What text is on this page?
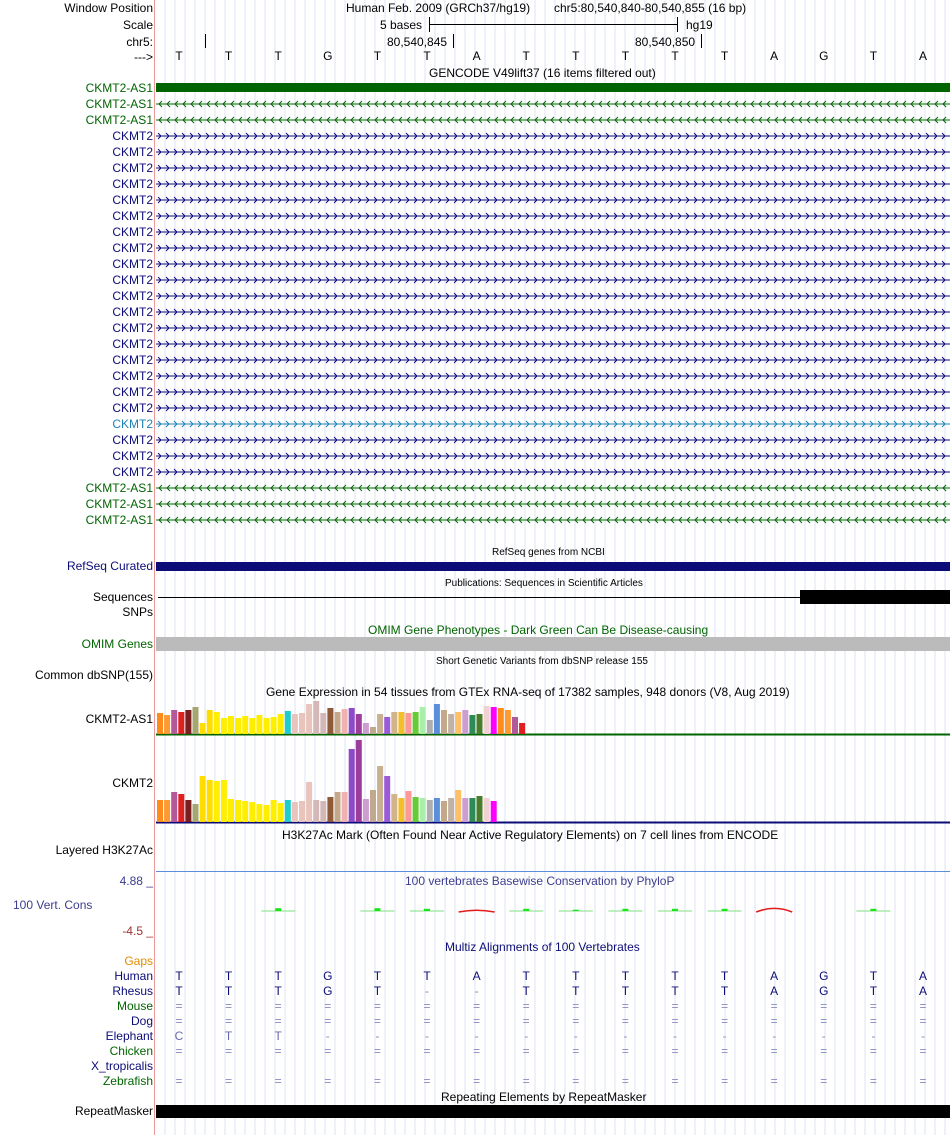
Window Position	Human Feb. 2009 (GRCh37/hg19) chr5:80,540,840-80,540,855 (16 bp)
Scale	5 bases	hg19
chr5:	80,540,845	80,540,850
--->	T	T	T	G	T	T	A	T	T	T	T	T	A	G	T	A
GENCODE V49lift37 (16 items filtered out)
CKMT2-AS1
CKMT2-AS1
CKMT2-AS1
CKMT2
CKMT2
CKMT2
CKMT2
CKMT2
CKMT2
CKMT2
CKMT2
CKMT2
CKMT2
CKMT2
CKMT2
CKMT2
CKMT2
CKMT2
CKMT2
CKMT2
CKMT2
CKMT2
CKMT2
CKMT2
CKMT2
CKMT2-AS1
CKMT2-AS1
CKMT2-AS1
RefSeq genes from NCBI
RefSeq Curated
Publications: Sequences in Scientific Articles
Sequences
SNPs
OMIM Gene Phenotypes - Dark Green Can Be Disease-causing
OMIM Genes
Short Genetic Variants from dbSNP release 155
Common dbSNP(155)
Gene Expression in 54 tissues from GTEx RNA-seq of 17382 samples, 948 donors (V8, Aug 2019)
CKMT2-AS1
CKMT2
H3K27Ac Mark (Often Found Near Active Regulatory Elements) on 7 cell lines from ENCODE
Layered H3K27Ac
100 vertebrates Basewise Conservation by PhyloP
4.88 _
100 Vert. Cons
-4.5 _
Multiz Alignments of 100 Vertebrates
Gaps
Human	T	T	T	G	T	T	A	T	T	T	T	T	A	G	T	A
Rhesus	T	T	T	G	T	-	-	T	T	T	T	T	A	G	T	A
Mouse	=	=	=	=	=	=	=	=	=	=	=	=	=	=	=	=
Dog	=	=	=	=	=	=	=	=	=	=	=	=	=	=	=	=
Elephant	C	T	T	-	-	-	-	-	-	-	-	-	-	-	-	-
Chicken	=	=	=	=	=	=	=	=	=	=	=	=	=	=	=	=
X_tropicalis
Zebrafish	=	=	=	=	=	=	=	=	=	=	=	=	=	=	=	=
Repeating Elements by RepeatMasker
RepeatMasker
